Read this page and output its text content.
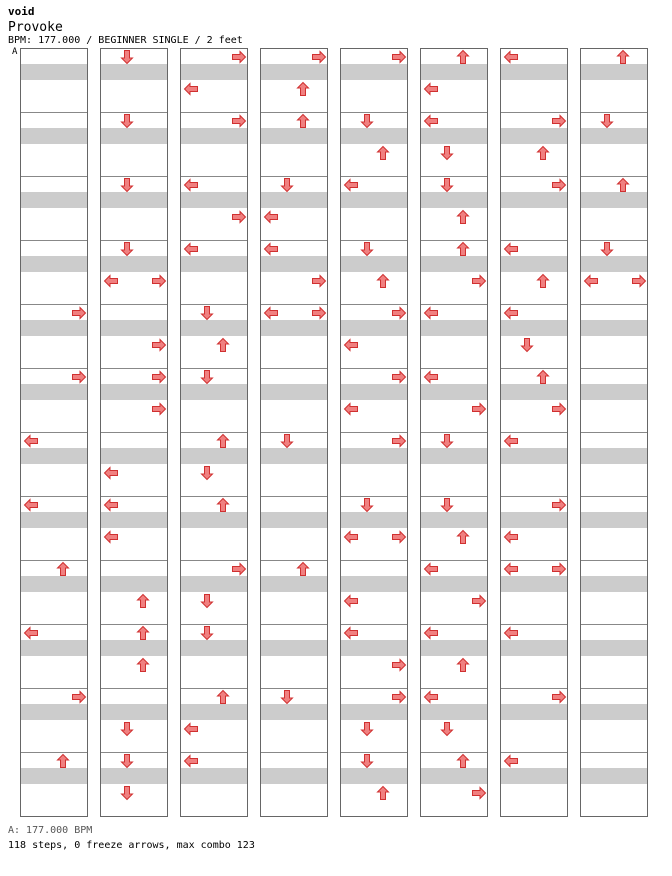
void
Provoke
BPM: 177.000 / BEGINNER SINGLE / 2 feet
A
A: 177.000 BPM
118 steps, 0 freeze arrows, max combo 123
